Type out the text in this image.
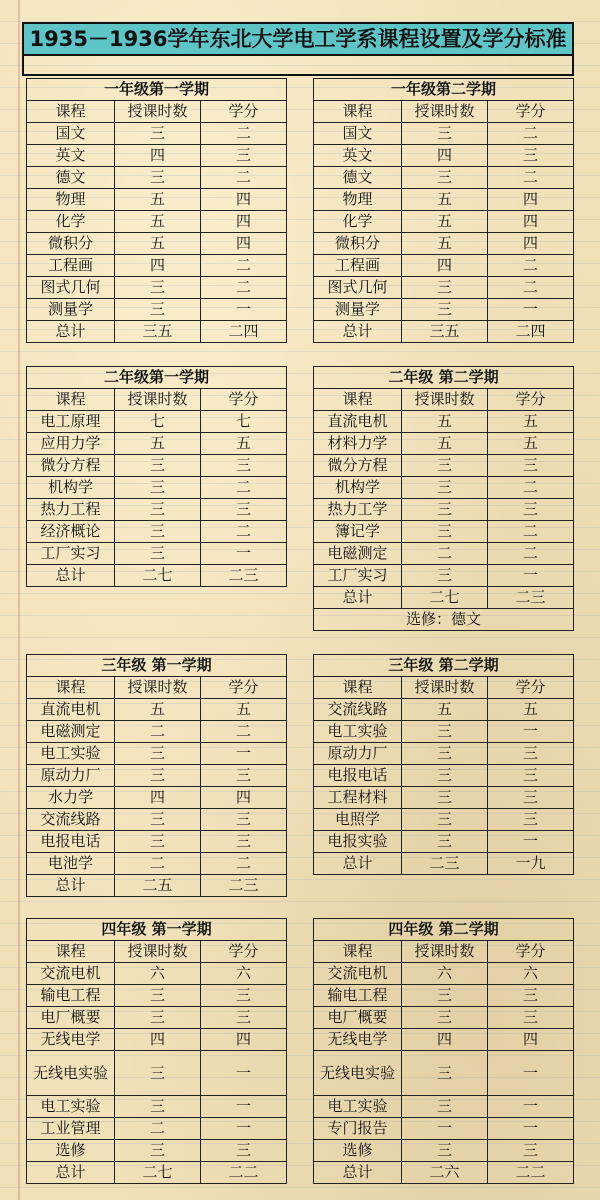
1935－1936学年东北大学电工学系课程设置及学分标准
一年级第一学期		
课程	授课时数	学分
国文	三	二
英文	四	三
德文	三	二
物理	五	四
化学	五	四
微积分	五	四
工程画	四	二
图式几何	三	二
测量学	三	一
总计	三五	二四
一年级第二学期		
课程	授课时数	学分
国文	三	二
英文	四	三
德文	三	二
物理	五	四
化学	五	四
微积分	五	四
工程画	四	二
图式几何	三	二
测量学	三	一
总计	三五	二四
二年级第一学期		
课程	授课时数	学分
电工原理	七	七
应用力学	五	五
微分方程	三	三
机构学	三	二
热力工程	三	三
经济概论	三	二
工厂实习	三	一
总计	二七	二三
二年级 第二学期		
课程	授课时数	学分
直流电机	五	五
材料力学	五	五
微分方程	三	三
机构学	三	二
热力工学	三	三
簿记学	三	二
电磁测定	二	二
工厂实习	三	一
总计	二七	二三
选修：德文		
三年级 第一学期		
课程	授课时数	学分
直流电机	五	五
电磁测定	二	二
电工实验	三	一
原动力厂	三	三
水力学	四	四
交流线路	三	三
电报电话	三	三
电池学	二	二
总计	二五	二三
三年级 第二学期		
课程	授课时数	学分
交流线路	五	五
电工实验	三	一
原动力厂	三	三
电报电话	三	三
工程材料	三	三
电照学	三	三
电报实验	三	一
总计	二三	一九
四年级 第一学期		
课程	授课时数	学分
交流电机	六	六
输电工程	三	三
电厂概要	三	三
无线电学	四	四
无线电实验	三	一
电工实验	三	一
工业管理	二	一
选修	三	三
总计	二七	二二
四年级 第二学期		
课程	授课时数	学分
交流电机	六	六
输电工程	三	三
电厂概要	三	三
无线电学	四	四
无线电实验	三	一
电工实验	三	一
专门报告	一	一
选修	三	三
总计	二六	二二
